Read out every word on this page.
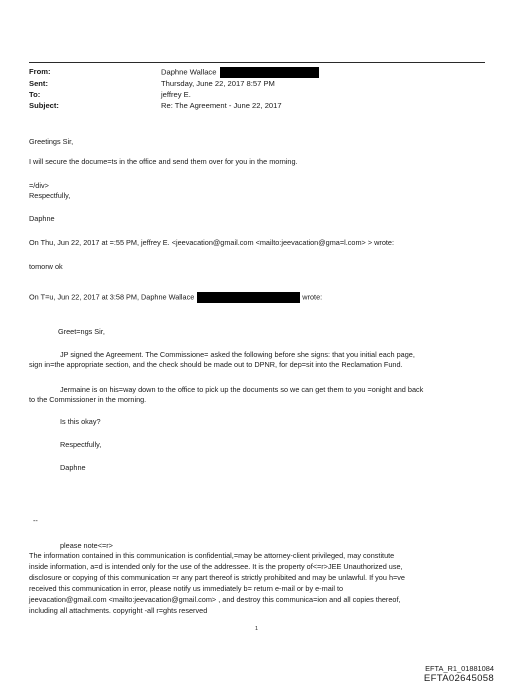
From:	Daphne Wallace
Sent:	Thursday, June 22, 2017 8:57 PM
To:	jeffrey E.
Subject:	Re: The Agreement - June 22, 2017
Greetings Sir,
I will secure the docume=ts in the office and send them over for you in the morning.
=/div>
Respectfully,
Daphne
On Thu, Jun 22, 2017 at =:55 PM, jeffrey E. <jeevacation@gmail.com <mailto:jeevacation@gma=l.com> > wrote:
tomorw ok
On T=u, Jun 22, 2017 at 3:58 PM, Daphne Wallace	wrote:
Greet=ngs Sir,
JP signed the Agreement. The Commissione= asked the following before she signs: that you initial each page,
sign in=the appropriate section, and the check should be made out to DPNR, for dep=sit into the Reclamation Fund.
Jermaine is on his=way down to the office to pick up the documents so we can get them to you =onight and back
to the Commissioner in the morning.
Is this okay?
Respectfully,
Daphne
--
please note<=r>
The information contained in this communication is confidential,=may be attorney-client privileged, may constitute
inside information, a=d is intended only for the use of the addressee. It is the property of<=r>JEE Unauthorized use,
disclosure or copying of this communication =r any part thereof is strictly prohibited and may be unlawful. If you h=ve
received this communication in error, please notify us immediately b= return e-mail or by e-mail to
jeevacation@gmail.com <mailto:jeevacation@gmail.com> , and destroy this communica=ion and all copies thereof,
including all attachments. copyright -all r=ghts reserved
1
EFTA_R1_01881084
EFTA02645058
